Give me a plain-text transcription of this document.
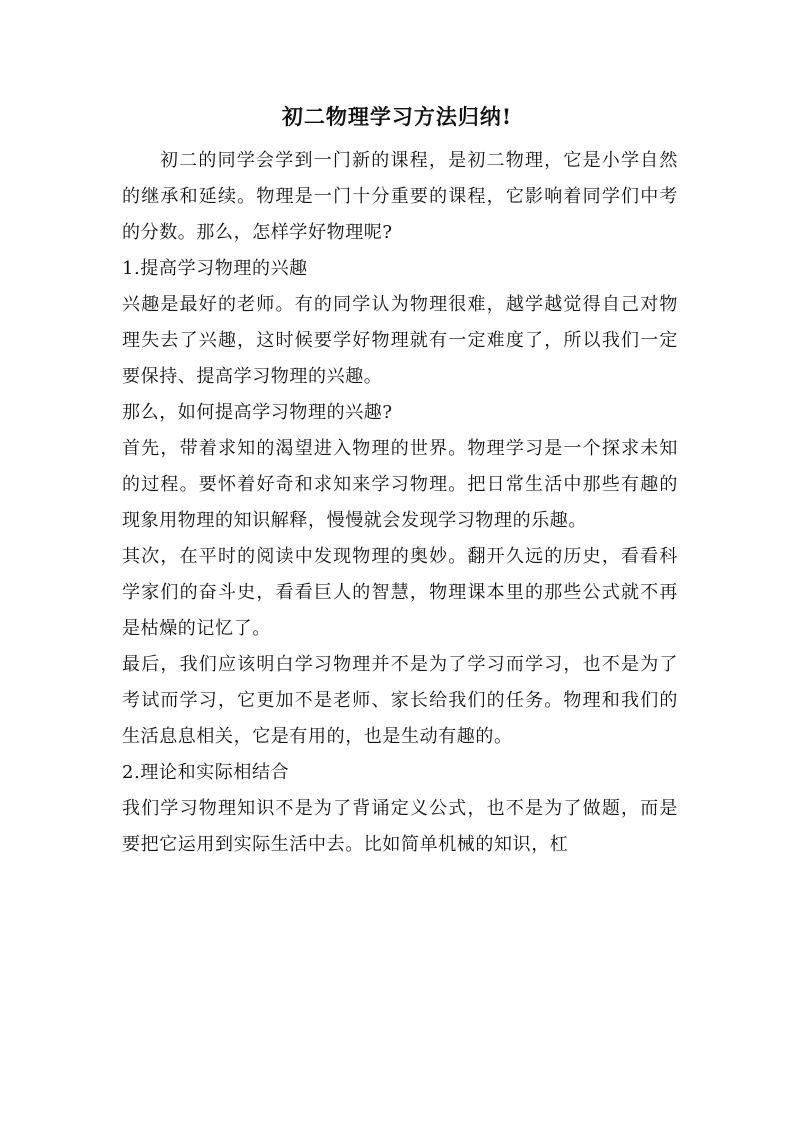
初二物理学习方法归纳!

初二的同学会学到一门新的课程，是初二物理，它是小学自然的继承和延续。物理是一门十分重要的课程，它影响着同学们中考的分数。那么，怎样学好物理呢?

1.提高学习物理的兴趣

兴趣是最好的老师。有的同学认为物理很难，越学越觉得自己对物理失去了兴趣，这时候要学好物理就有一定难度了，所以我们一定要保持、提高学习物理的兴趣。

那么，如何提高学习物理的兴趣?

首先，带着求知的渴望进入物理的世界。物理学习是一个探求未知的过程。要怀着好奇和求知来学习物理。把日常生活中那些有趣的现象用物理的知识解释，慢慢就会发现学习物理的乐趣。

其次，在平时的阅读中发现物理的奥妙。翻开久远的历史，看看科学家们的奋斗史，看看巨人的智慧，物理课本里的那些公式就不再是枯燥的记忆了。

最后，我们应该明白学习物理并不是为了学习而学习，也不是为了考试而学习，它更加不是老师、家长给我们的任务。物理和我们的生活息息相关，它是有用的，也是生动有趣的。

2.理论和实际相结合

我们学习物理知识不是为了背诵定义公式，也不是为了做题，而是要把它运用到实际生活中去。比如简单机械的知识，杠
